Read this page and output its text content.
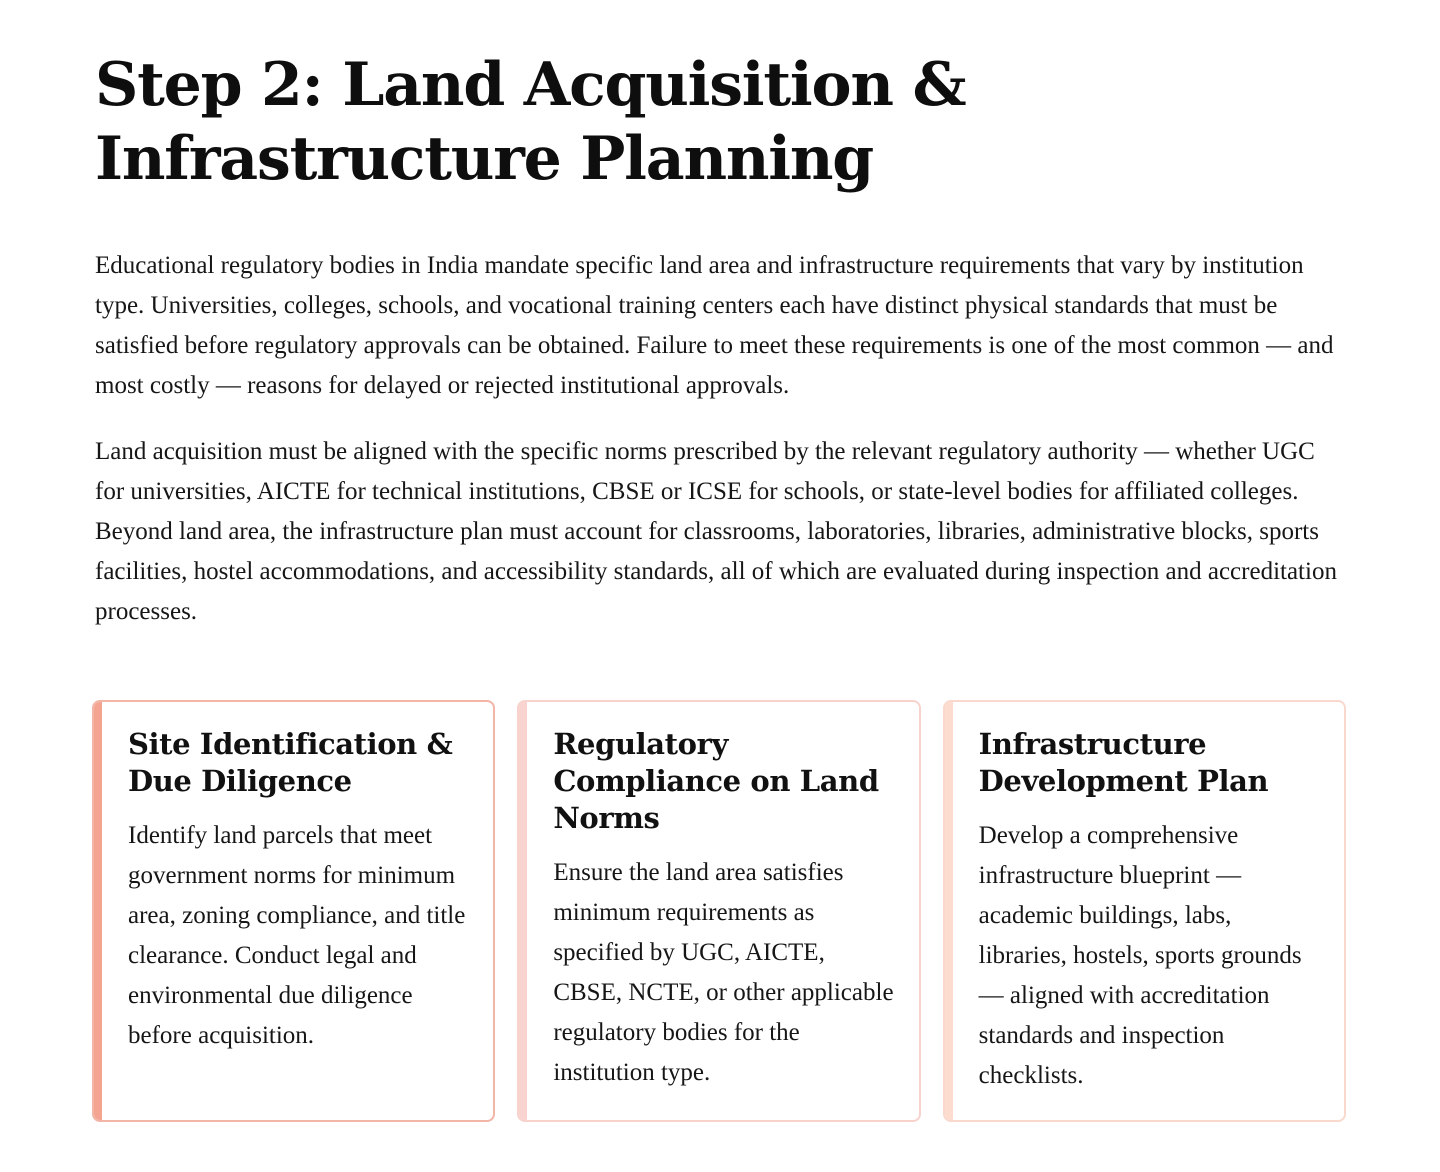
Step 2: Land Acquisition & Infrastructure Planning

Educational regulatory bodies in India mandate specific land area and infrastructure requirements that vary by institution type. Universities, colleges, schools, and vocational training centers each have distinct physical standards that must be satisfied before regulatory approvals can be obtained. Failure to meet these requirements is one of the most common — and most costly — reasons for delayed or rejected institutional approvals.

Land acquisition must be aligned with the specific norms prescribed by the relevant regulatory authority — whether UGC for universities, AICTE for technical institutions, CBSE or ICSE for schools, or state-level bodies for affiliated colleges. Beyond land area, the infrastructure plan must account for classrooms, laboratories, libraries, administrative blocks, sports facilities, hostel accommodations, and accessibility standards, all of which are evaluated during inspection and accreditation processes.

Site Identification & Due Diligence

Identify land parcels that meet government norms for minimum area, zoning compliance, and title clearance. Conduct legal and environmental due diligence before acquisition.

Regulatory Compliance on Land Norms

Ensure the land area satisfies minimum requirements as specified by UGC, AICTE, CBSE, NCTE, or other applicable regulatory bodies for the institution type.

Infrastructure Development Plan

Develop a comprehensive infrastructure blueprint — academic buildings, labs, libraries, hostels, sports grounds — aligned with accreditation standards and inspection checklists.
